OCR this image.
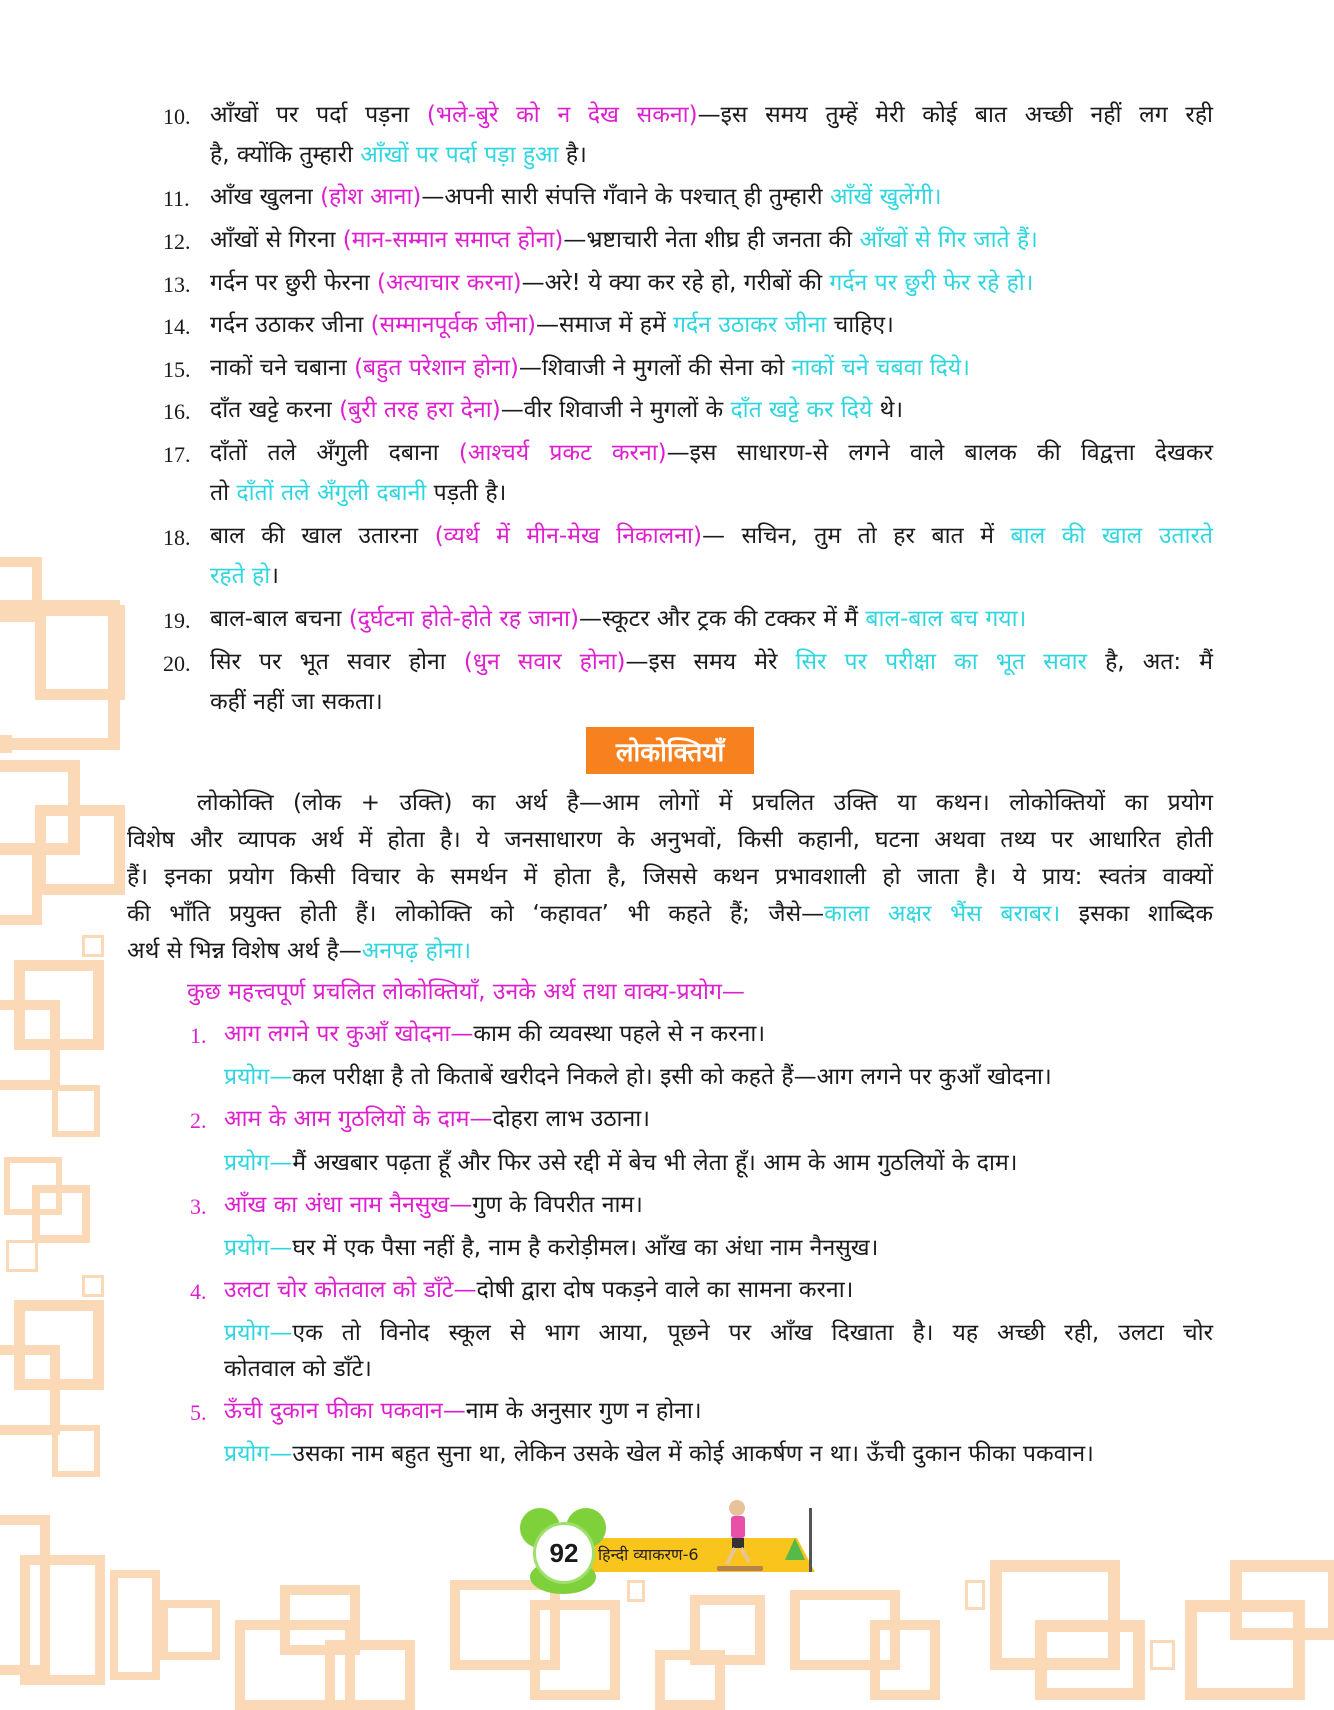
10. आँखों पर पर्दा पड़ना (भले-बुरे को न देख सकना)—इस समय तुम्हें मेरी कोई बात अच्छी नहीं लग रही
है, क्योंकि तुम्हारी आँखों पर पर्दा पड़ा हुआ है।
11. आँख खुलना (होश आना)—अपनी सारी संपत्ति गँवाने के पश्चात् ही तुम्हारी आँखें खुलेंगी।
12. आँखों से गिरना (मान-सम्मान समाप्त होना)—भ्रष्टाचारी नेता शीघ्र ही जनता की आँखों से गिर जाते हैं।
13. गर्दन पर छुरी फेरना (अत्याचार करना)—अरे! ये क्या कर रहे हो, गरीबों की गर्दन पर छुरी फेर रहे हो।
14. गर्दन उठाकर जीना (सम्मानपूर्वक जीना)—समाज में हमें गर्दन उठाकर जीना चाहिए।
15. नाकों चने चबाना (बहुत परेशान होना)—शिवाजी ने मुगलों की सेना को नाकों चने चबवा दिये।
16. दाँत खट्टे करना (बुरी तरह हरा देना)—वीर शिवाजी ने मुगलों के दाँत खट्टे कर दिये थे।
17. दाँतों तले अँगुली दबाना (आश्चर्य प्रकट करना)—इस साधारण-से लगने वाले बालक की विद्वत्ता देखकर
तो दाँतों तले अँगुली दबानी पड़ती है।
18. बाल की खाल उतारना (व्यर्थ में मीन-मेख निकालना)— सचिन, तुम तो हर बात में बाल की खाल उतारते
रहते हो।
19. बाल-बाल बचना (दुर्घटना होते-होते रह जाना)—स्कूटर और ट्रक की टक्कर में मैं बाल-बाल बच गया।
20. सिर पर भूत सवार होना (धुन सवार होना)—इस समय मेरे सिर पर परीक्षा का भूत सवार है, अत: मैं
कहीं नहीं जा सकता।
लोकोक्तियाँ
लोकोक्ति (लोक + उक्ति) का अर्थ है—आम लोगों में प्रचलित उक्ति या कथन। लोकोक्तियों का प्रयोग
विशेष और व्यापक अर्थ में होता है। ये जनसाधारण के अनुभवों, किसी कहानी, घटना अथवा तथ्य पर आधारित होती
हैं। इनका प्रयोग किसी विचार के समर्थन में होता है, जिससे कथन प्रभावशाली हो जाता है। ये प्राय: स्वतंत्र वाक्यों
की भाँति प्रयुक्त होती हैं। लोकोक्ति को ‘कहावत’ भी कहते हैं; जैसे—काला अक्षर भैंस बराबर। इसका शाब्दिक
अर्थ से भिन्न विशेष अर्थ है—अनपढ़ होना।
कुछ महत्त्वपूर्ण प्रचलित लोकोक्तियाँ, उनके अर्थ तथा वाक्य-प्रयोग—
1. आग लगने पर कुआँ खोदना—काम की व्यवस्था पहले से न करना।
प्रयोग—कल परीक्षा है तो किताबें खरीदने निकले हो। इसी को कहते हैं—आग लगने पर कुआँ खोदना।
2. आम के आम गुठलियों के दाम—दोहरा लाभ उठाना।
प्रयोग—मैं अखबार पढ़ता हूँ और फिर उसे रद्दी में बेच भी लेता हूँ। आम के आम गुठलियों के दाम।
3. आँख का अंधा नाम नैनसुख—गुण के विपरीत नाम।
प्रयोग—घर में एक पैसा नहीं है, नाम है करोड़ीमल। आँख का अंधा नाम नैनसुख।
4. उलटा चोर कोतवाल को डाँटे—दोषी द्वारा दोष पकड़ने वाले का सामना करना।
प्रयोग—एक तो विनोद स्कूल से भाग आया, पूछने पर आँख दिखाता है। यह अच्छी रही, उलटा चोर
कोतवाल को डाँटे।
5. ऊँची दुकान फीका पकवान—नाम के अनुसार गुण न होना।
प्रयोग—उसका नाम बहुत सुना था, लेकिन उसके खेल में कोई आकर्षण न था। ऊँची दुकान फीका पकवान।
हिन्दी व्याकरण-6
92
